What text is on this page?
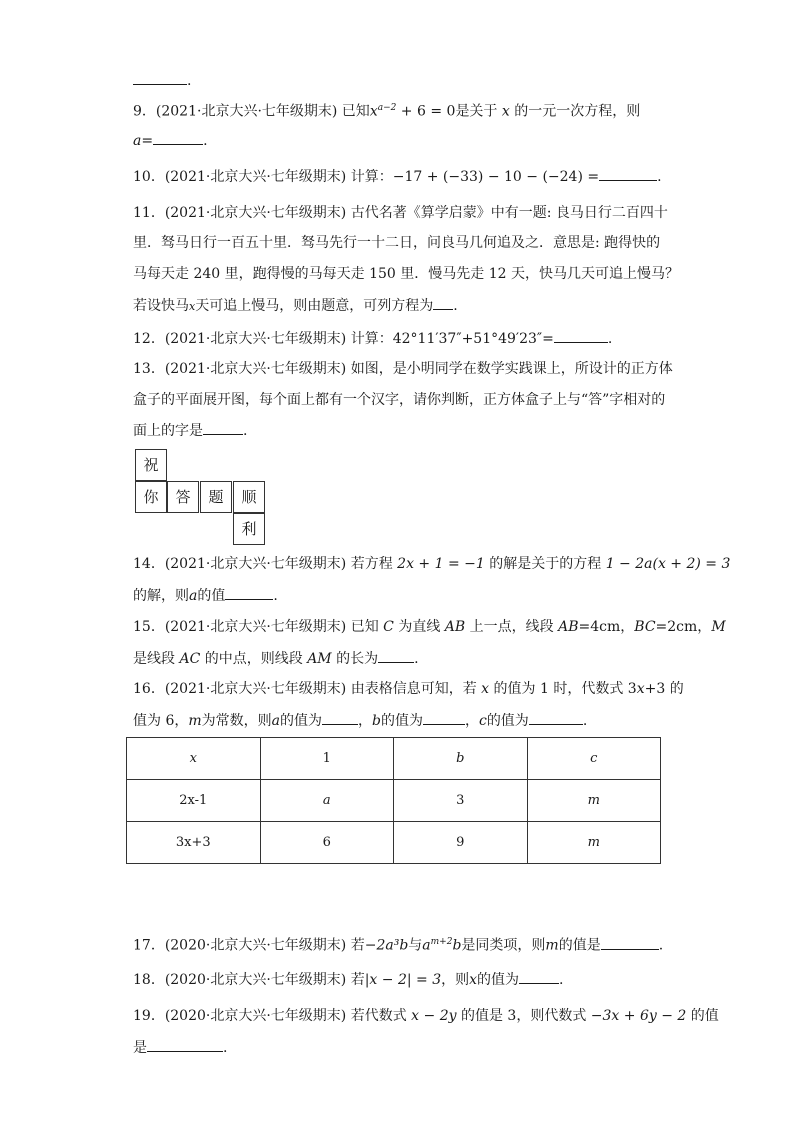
.
9．(2021·北京大兴·七年级期末) 已知$x^{a-2} + 6 = 0$是关于 x 的一元一次方程，则
a=	.
10．(2021·北京大兴·七年级期末) 计算：−17 + (−33) − 10 − (−24) =	.
11．(2021·北京大兴·七年级期末) 古代名著《算学启蒙》中有一题: 良马日行二百四十
里．驽马日行一百五十里．驽马先行一十二日，问良马几何追及之．意思是: 跑得快的
马每天走 240 里，跑得慢的马每天走 150 里．慢马先走 12 天，快马几天可追上慢马？
若设快马x天可追上慢马，则由题意，可列方程为 .
12．(2021·北京大兴·七年级期末) 计算：42°11′37″+51°49′23″=	.
13．(2021·北京大兴·七年级期末) 如图，是小明同学在数学实践课上，所设计的正方体
盒子的平面展开图，每个面上都有一个汉字，请你判断，正方体盒子上与“答”字相对的
面上的字是	.
祝
你	答	题	顺
利
14．(2021·北京大兴·七年级期末) 若方程 2x + 1 = −1 的解是关于的方程 1 − 2a(x + 2) = 3
的解，则a的值	.
15．(2021·北京大兴·七年级期末) 已知 C 为直线 AB 上一点，线段 AB=4cm，BC=2cm，M
是线段 AC 的中点，则线段 AM 的长为	.
16．(2021·北京大兴·七年级期末) 由表格信息可知，若 x 的值为 1 时，代数式 3x+3 的
值为 6，m为常数，则a的值为	，b的值为	，c的值为	.
x	1	b	c
2x-1	a	3	m
3x+3	6	9	m
17．(2020·北京大兴·七年级期末) 若−2a³b与$a^{m+2}b$是同类项，则m的值是	.
18．(2020·北京大兴·七年级期末) 若|x − 2| = 3，则x的值为	.
19．(2020·北京大兴·七年级期末) 若代数式 x − 2y 的值是 3，则代数式 −3x + 6y − 2 的值
是	.
